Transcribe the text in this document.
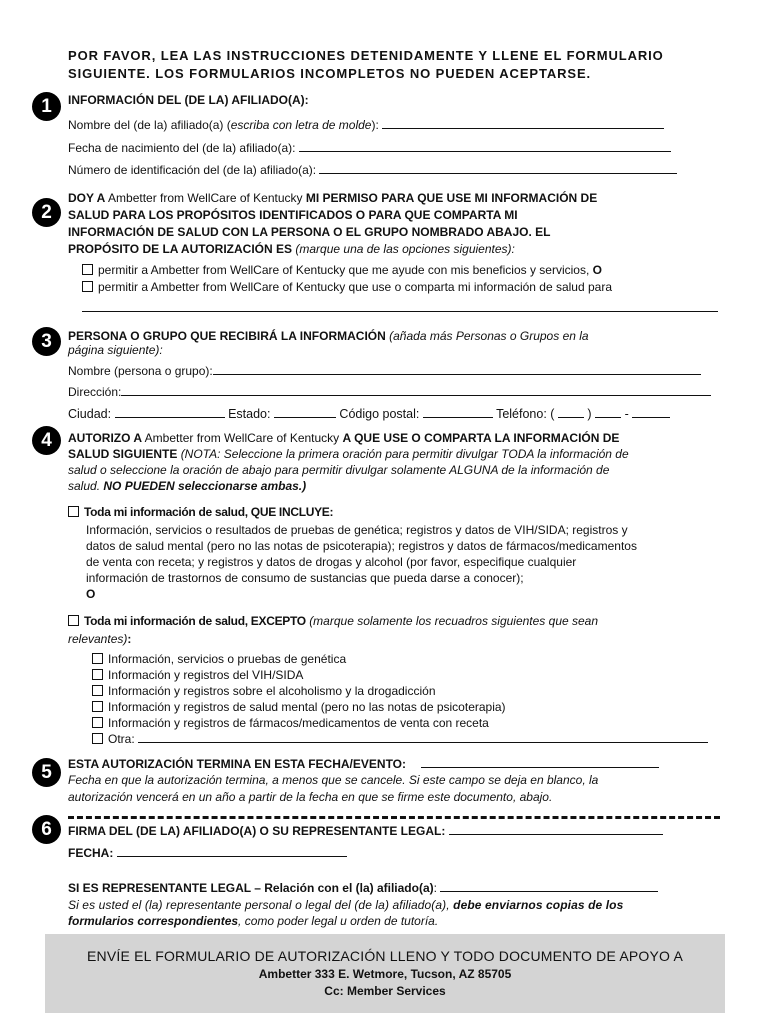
POR FAVOR, LEA LAS INSTRUCCIONES DETENIDAMENTE Y LLENE EL FORMULARIO
SIGUIENTE. LOS FORMULARIOS INCOMPLETOS NO PUEDEN ACEPTARSE.
1	INFORMACIÓN DEL (DE LA) AFILIADO(A):
Nombre del (de la) afiliado(a) (escriba con letra de molde):
Fecha de nacimiento del (de la) afiliado(a):
Número de identificación del (de la) afiliado(a):
2
DOY A Ambetter from WellCare of Kentucky MI PERMISO PARA QUE USE MI INFORMACIÓN DE
SALUD PARA LOS PROPÓSITOS IDENTIFICADOS O PARA QUE COMPARTA MI
INFORMACIÓN DE SALUD CON LA PERSONA O EL GRUPO NOMBRADO ABAJO. EL
PROPÓSITO DE LA AUTORIZACIÓN ES (marque una de las opciones siguientes):
permitir a Ambetter from WellCare of Kentucky que me ayude con mis beneficios y servicios, O
permitir a Ambetter from WellCare of Kentucky que use o comparta mi información de salud para
3	PERSONA O GRUPO QUE RECIBIRÁ LA INFORMACIÓN (añada más Personas o Grupos en la
página siguiente):
Nombre (persona o grupo):
Dirección:
Ciudad:	Estado:	Código postal:	Teléfono: (	)	-
4	AUTORIZO A Ambetter from WellCare of Kentucky A QUE USE O COMPARTA LA INFORMACIÓN DE
SALUD SIGUIENTE (NOTA: Seleccione la primera oración para permitir divulgar TODA la información de
salud o seleccione la oración de abajo para permitir divulgar solamente ALGUNA de la información de
salud. NO PUEDEN seleccionarse ambas.)
Toda mi información de salud, QUE INCLUYE:
Información, servicios o resultados de pruebas de genética; registros y datos de VIH/SIDA; registros y
datos de salud mental (pero no las notas de psicoterapia); registros y datos de fármacos/medicamentos
de venta con receta; y registros y datos de drogas y alcohol (por favor, especifique cualquier
información de trastornos de consumo de sustancias que pueda darse a conocer);
O
Toda mi información de salud, EXCEPTO (marque solamente los recuadros siguientes que sean
relevantes):
Información, servicios o pruebas de genética
Información y registros del VIH/SIDA
Información y registros sobre el alcoholismo y la drogadicción
Información y registros de salud mental (pero no las notas de psicoterapia)
Información y registros de fármacos/medicamentos de venta con receta
Otra:
5	ESTA AUTORIZACIÓN TERMINA EN ESTA FECHA/EVENTO:
Fecha en que la autorización termina, a menos que se cancele. Si este campo se deja en blanco, la
autorización vencerá en un año a partir de la fecha en que se firme este documento, abajo.
6	FIRMA DEL (DE LA) AFILIADO(A) O SU REPRESENTANTE LEGAL:
FECHA:
SI ES REPRESENTANTE LEGAL – Relación con el (la) afiliado(a):
Si es usted el (la) representante personal o legal del (de la) afiliado(a), debe enviarnos copias de los
formularios correspondientes, como poder legal u orden de tutoría.
ENVÍE EL FORMULARIO DE AUTORIZACIÓN LLENO Y TODO DOCUMENTO DE APOYO A
Ambetter 333 E. Wetmore, Tucson, AZ 85705
Cc: Member Services
